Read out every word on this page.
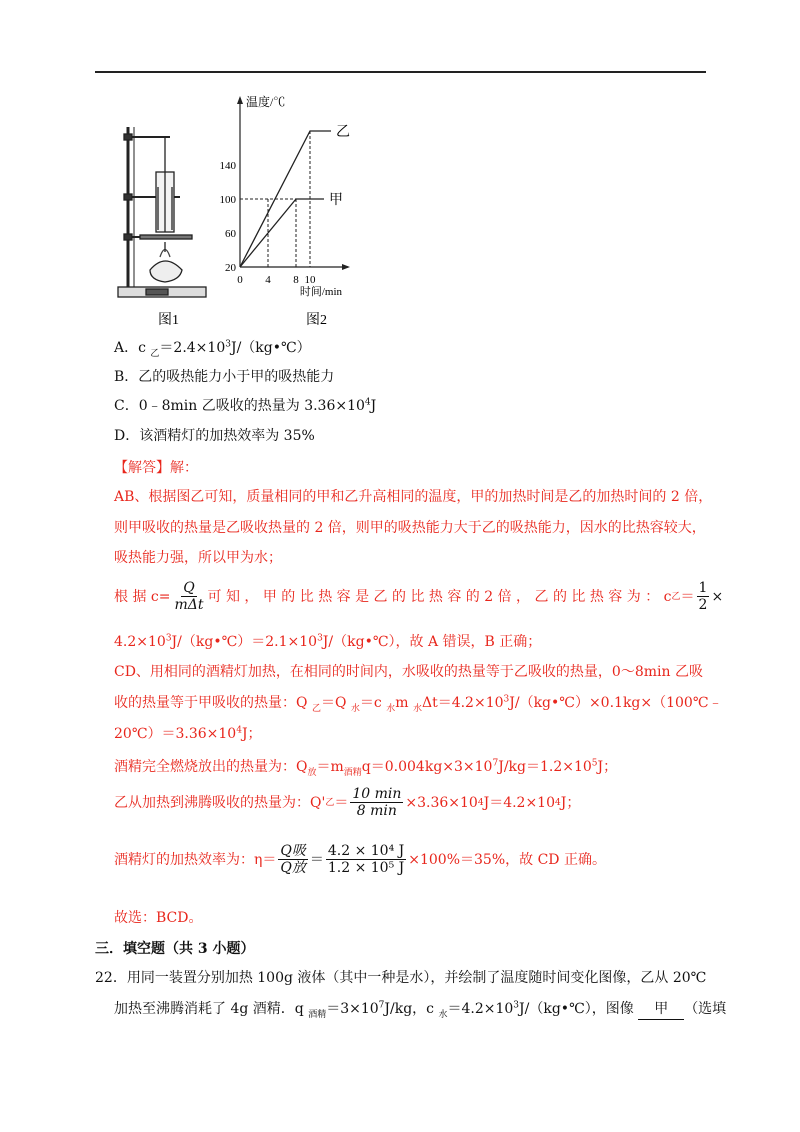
图1
温度/℃
时间/min
140
100
60
20
0 4 8 10
甲
乙
图2
A．c $_乙=2.4\times 10^3J/(kg•℃)$
B．乙的吸热能力小于甲的吸热能力
C．0﹣8min 乙吸收的热量为 $3.36\times 10^4J$
D．该酒精灯的加热效率为 35%
【解答】解：
AB、根据图乙可知，质量相同的甲和乙升高相同的温度，甲的加热时间是乙的加热时间的 2 倍，
则甲吸收的热量是乙吸收热量的 2 倍，则甲的吸热能力大于乙的吸热能力，因水的比热容较大，
吸热能力强，所以甲为水；
根 据 $c= \frac{Q}{\text{mΔt}}$ 可 知 ， 甲 的 比 热 容 是 乙 的 比 热 容 的 2 倍 ， 乙 的 比 热 容 为 ： c 乙 ＝ $\frac{1}{2}$ ×
$4.2\times 10^3J/(kg•℃)=2.1\times 10^3J/(kg•℃)$，故 A 错误，B 正确；
CD、用相同的酒精灯加热，在相同的时间内，水吸收的热量等于乙吸收的热量，0～8min 乙吸
收的热量等于甲吸收的热量：Q $_乙$＝Q $_水$＝c $_水$m $_水\Delta t=4.2\times 10^3J/(kg•℃)\times 0.1kg\times(100℃﹣$
$20℃)=3.36\times 10^4J$；
酒精完全燃烧放出的热量为：$Q_放=m_{酒精}q=0.004kg\times 3\times 10^7J/kg=1.2\times 10^5J$；
乙从加热到沸腾吸收的热量为：Q' 乙 ＝ $\frac{10 \min}{8 \min} \times 3.36\times 10$ 4 J＝4.2×10 4 J；
酒精灯的加热效率为：$\eta= \frac{\text{Q吸}}{\text{Q放}} = \frac{\text{4.2 × 10⁴ J}}{\text{1.2 × 10⁵ J}} \times 100\%=35\%$，故 CD 正确。
故选：BCD。
三．填空题（共 3 小题）
22．用同一装置分别加热 100g 液体（其中一种是水），并绘制了温度随时间变化图像，乙从 20℃
加热至沸腾消耗了 4g 酒精．q $_{酒精}=3\times 10^7J/kg$，c $_水=4.2\times 10^3J/(kg•℃)$，图像 甲 （选填
